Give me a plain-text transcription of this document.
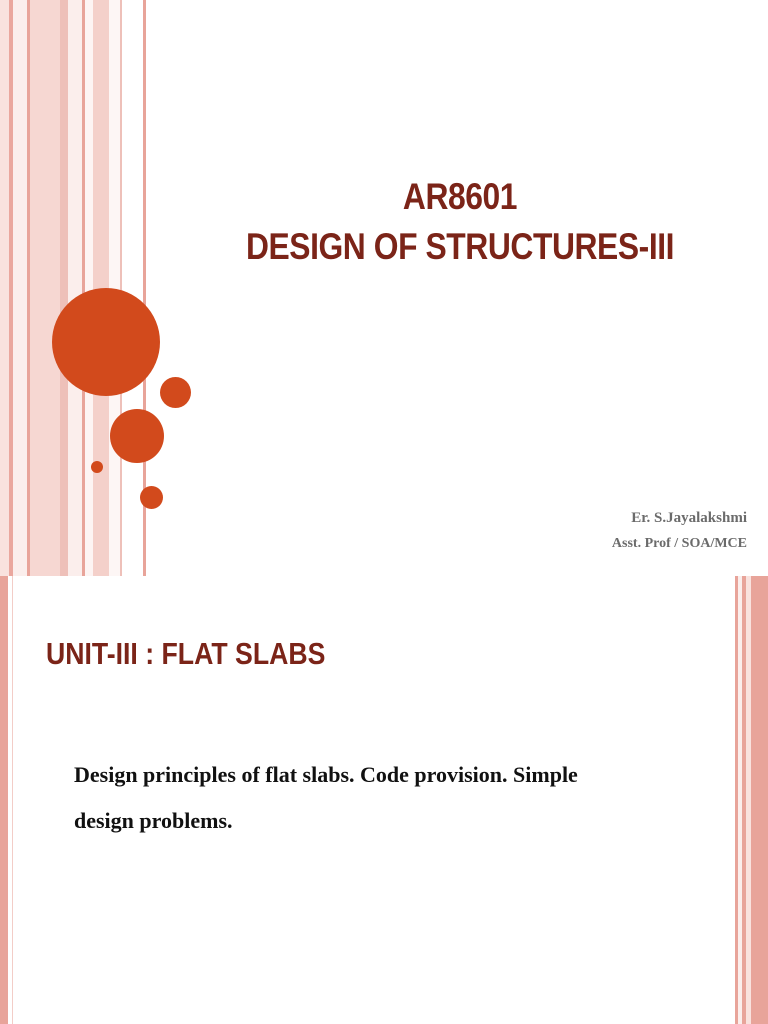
AR8601
DESIGN OF STRUCTURES-III
Er. S.Jayalakshmi
Asst. Prof / SOA/MCE
UNIT-III : FLAT SLABS
Design principles of flat slabs. Code provision. Simple
design problems.
